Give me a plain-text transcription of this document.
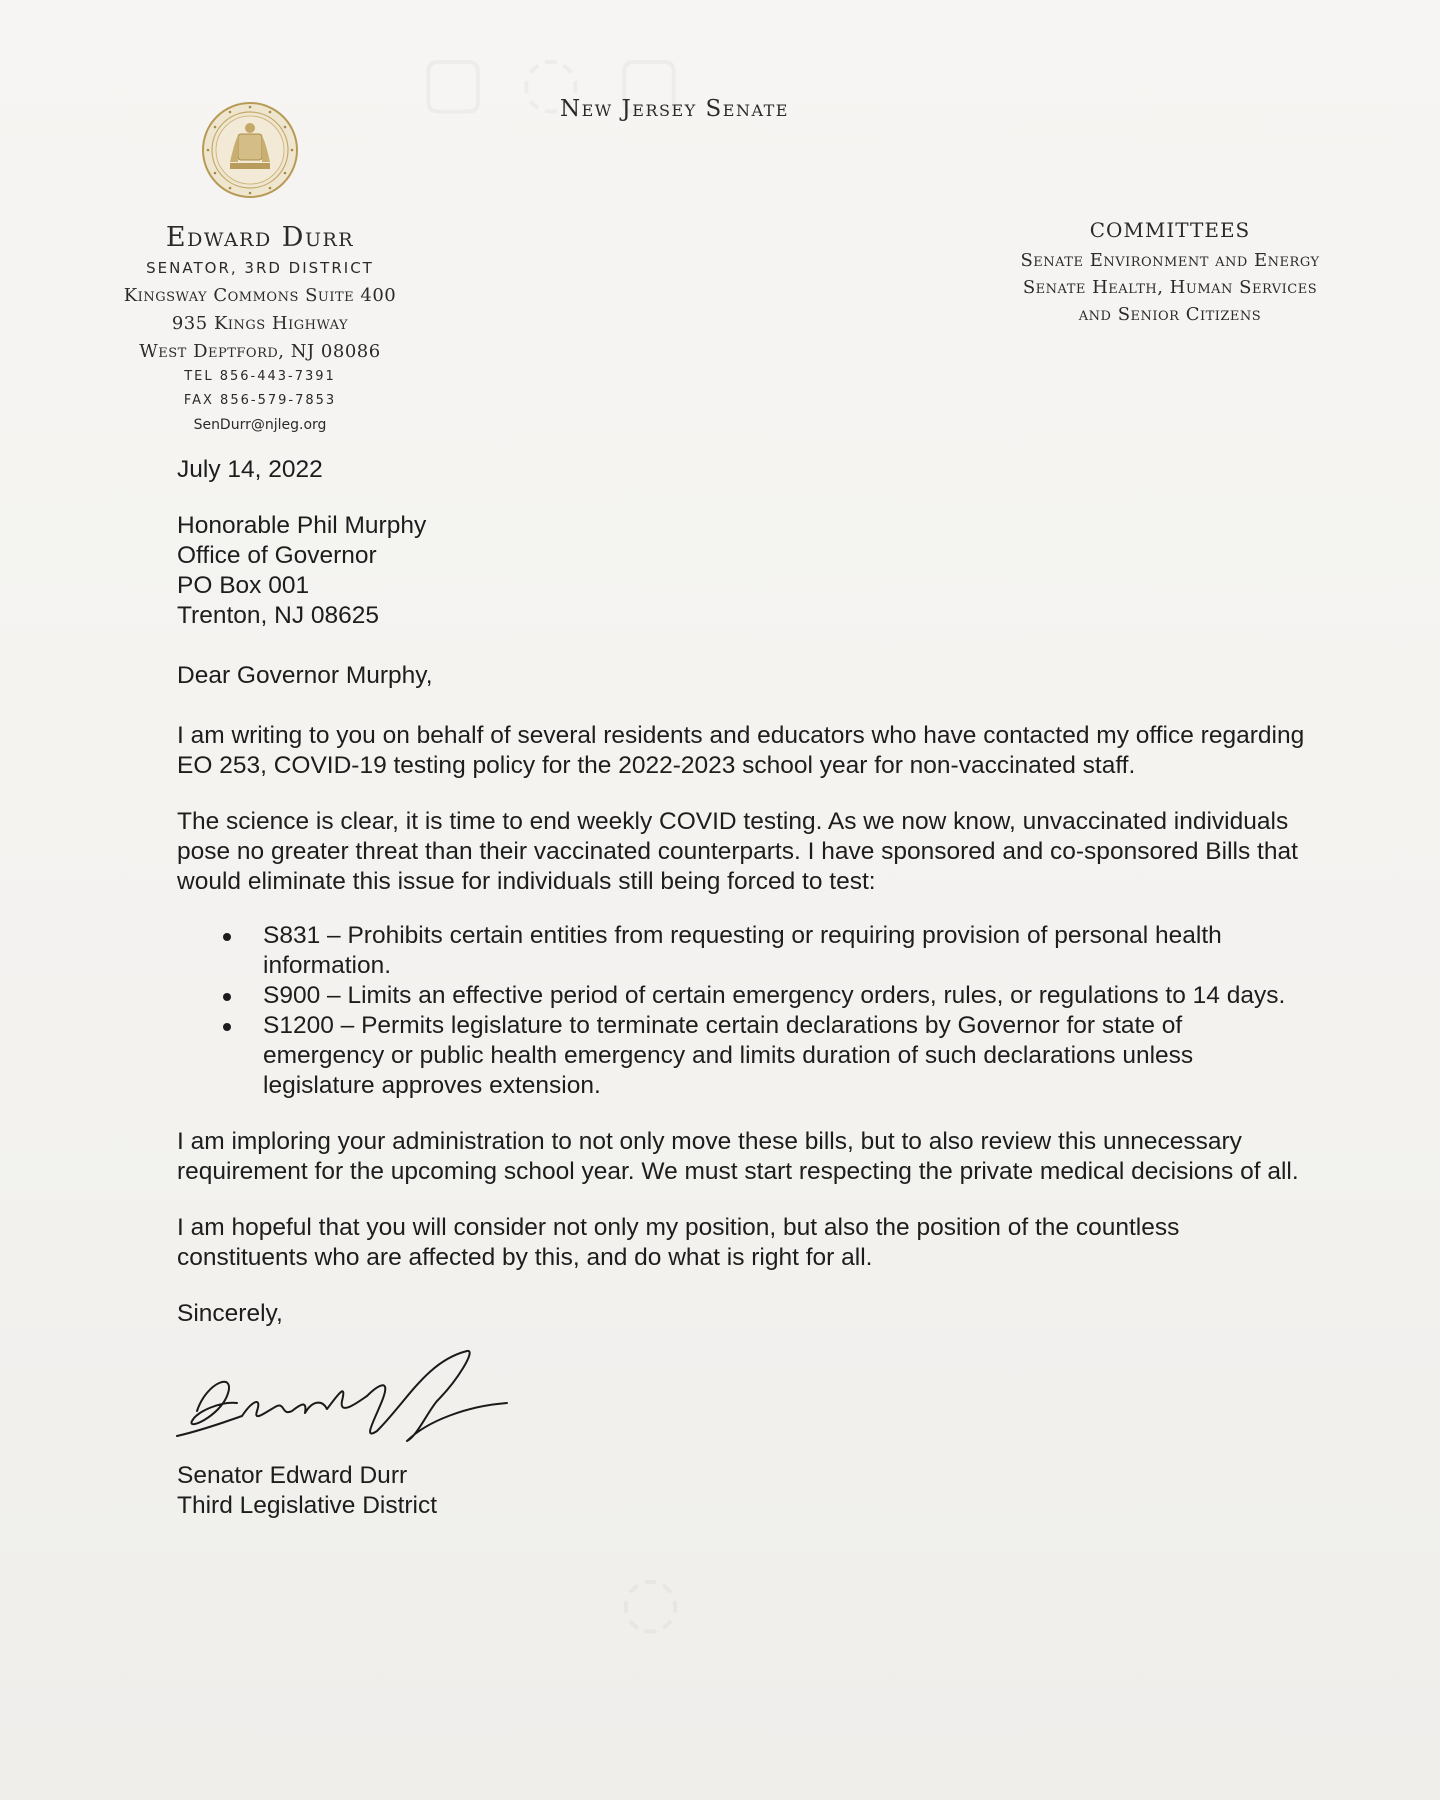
New Jersey Senate
Edward Durr
SENATOR, 3RD DISTRICT
Kingsway Commons Suite 400
935 Kings Highway
West Deptford, NJ 08086
TEL 856-443-7391
FAX 856-579-7853
SenDurr@njleg.org
COMMITTEES
Senate Environment and Energy
Senate Health, Human Services
and Senior Citizens
July 14, 2022
Honorable Phil Murphy
Office of Governor
PO Box 001
Trenton, NJ 08625
Dear Governor Murphy,

I am writing to you on behalf of several residents and educators who have contacted my office regarding EO 253, COVID-19 testing policy for the 2022-2023 school year for non-vaccinated staff.

The science is clear, it is time to end weekly COVID testing. As we now know, unvaccinated individuals pose no greater threat than their vaccinated counterparts. I have sponsored and co-sponsored Bills that would eliminate this issue for individuals still being forced to test:

S831 – Prohibits certain entities from requesting or requiring provision of personal health information.
S900 – Limits an effective period of certain emergency orders, rules, or regulations to 14 days.
S1200 – Permits legislature to terminate certain declarations by Governor for state of emergency or public health emergency and limits duration of such declarations unless legislature approves extension.

I am imploring your administration to not only move these bills, but to also review this unnecessary requirement for the upcoming school year. We must start respecting the private medical decisions of all.

I am hopeful that you will consider not only my position, but also the position of the countless constituents who are affected by this, and do what is right for all.

Sincerely,
Senator Edward Durr
Third Legislative District
